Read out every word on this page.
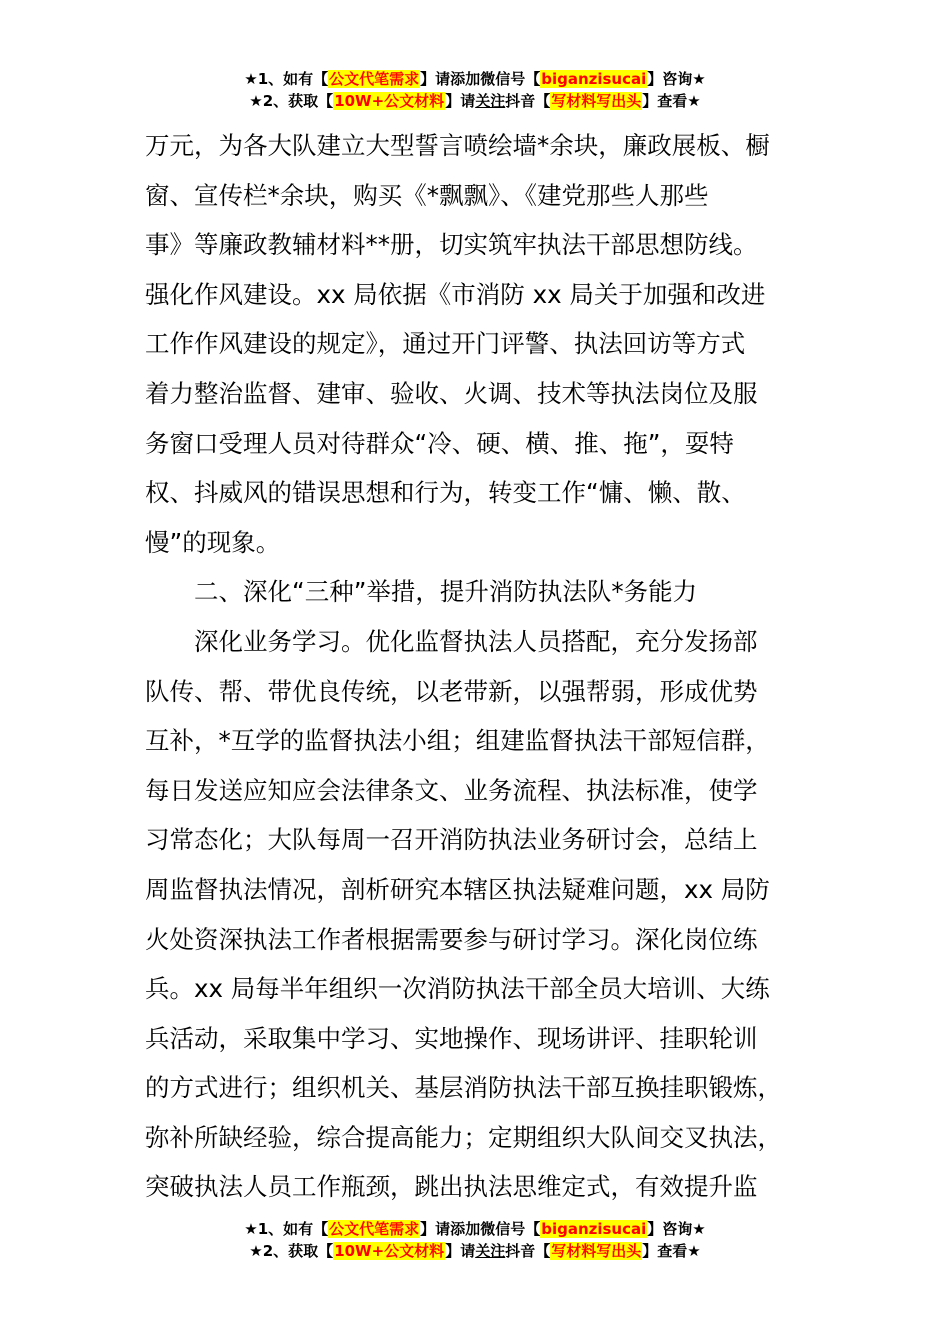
★1、如有【公文代笔需求】请添加微信号【biganzisucai】咨询★
★2、获取【10W+公文材料】请关注抖音【写材料写出头】查看★
万元，为各大队建立大型誓言喷绘墙*余块，廉政展板、橱
窗、宣传栏*余块，购买《*飘飘》、《建党那些人那些
事》等廉政教辅材料**册，切实筑牢执法干部思想防线。
强化作风建设。xx 局依据《市消防 xx 局关于加强和改进
工作作风建设的规定》，通过开门评警、执法回访等方式
着力整治监督、建审、验收、火调、技术等执法岗位及服
务窗口受理人员对待群众“冷、硬、横、推、拖”，耍特
权、抖威风的错误思想和行为，转变工作“慵、懒、散、
慢”的现象。
二、深化“三种”举措，提升消防执法队*务能力
深化业务学习。优化监督执法人员搭配，充分发扬部
队传、帮、带优良传统，以老带新，以强帮弱，形成优势
互补，*互学的监督执法小组；组建监督执法干部短信群，
每日发送应知应会法律条文、业务流程、执法标准，使学
习常态化；大队每周一召开消防执法业务研讨会，总结上
周监督执法情况，剖析研究本辖区执法疑难问题，xx 局防
火处资深执法工作者根据需要参与研讨学习。深化岗位练
兵。xx 局每半年组织一次消防执法干部全员大培训、大练
兵活动，采取集中学习、实地操作、现场讲评、挂职轮训
的方式进行；组织机关、基层消防执法干部互换挂职锻炼，
弥补所缺经验，综合提高能力；定期组织大队间交叉执法，
突破执法人员工作瓶颈，跳出执法思维定式，有效提升监
★1、如有【公文代笔需求】请添加微信号【biganzisucai】咨询★
★2、获取【10W+公文材料】请关注抖音【写材料写出头】查看★
